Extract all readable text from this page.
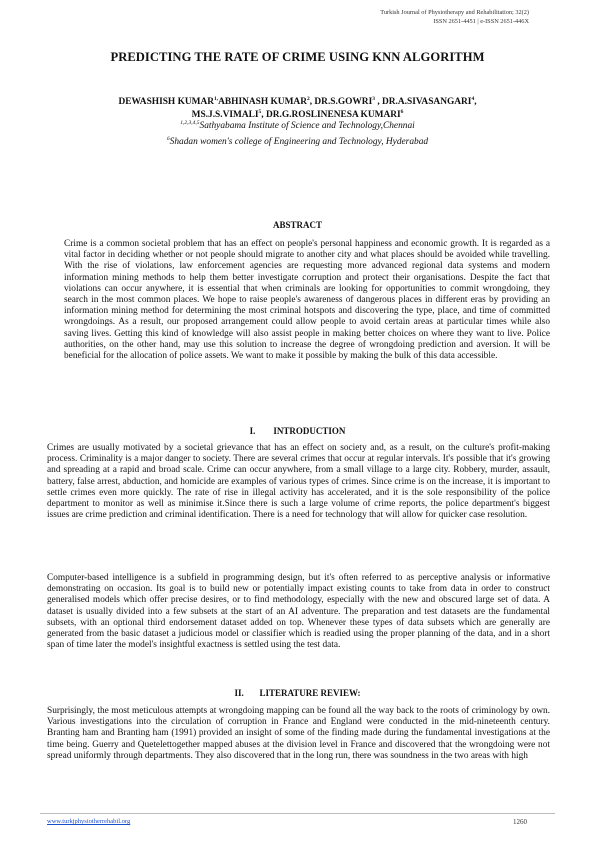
Turkish Journal of Physiotherapy and Rehabilitation; 32(2)
ISSN 2651-4451 | e-ISSN 2651-446X
PREDICTING THE RATE OF CRIME USING KNN ALGORITHM
DEWASHISH $KUMAR^{1,}ABHINASH$ KUMAR$^2$, DR.S.GOWRI$^3$ , DR.A.SIVASANGARI$^4$,
MS.J.S.VIMALI$^5$, DR.G.ROSLINENESA KUMARI$^6$
$^{1,2,3,4,5}$Sathyabama Institute of Science and Technology,Chennai
$^6$Shadan women's college of Engineering and Technology, Hyderabad
ABSTRACT

Crime is a common societal problem that has an effect on people's personal happiness and economic growth. It is regarded as a vital factor in deciding whether or not people should migrate to another city and what places should be avoided while travelling. With the rise of violations, law enforcement agencies are requesting more advanced regional data systems and modern information mining methods to help them better investigate corruption and protect their organisations. Despite the fact that violations can occur anywhere, it is essential that when criminals are looking for opportunities to commit wrongdoing, they search in the most common places. We hope to raise people's awareness of dangerous places in different eras by providing an information mining method for determining the most criminal hotspots and discovering the type, place, and time of committed wrongdoings. As a result, our proposed arrangement could allow people to avoid certain areas at particular times while also saving lives. Getting this kind of knowledge will also assist people in making better choices on where they want to live. Police authorities, on the other hand, may use this solution to increase the degree of wrongdoing prediction and aversion. It will be beneficial for the allocation of police assets. We want to make it possible by making the bulk of this data accessible.

I.        INTRODUCTION

Crimes are usually motivated by a societal grievance that has an effect on society and, as a result, on the culture's profit-making process. Criminality is a major danger to society. There are several crimes that occur at regular intervals. It's possible that it's growing and spreading at a rapid and broad scale. Crime can occur anywhere, from a small village to a large city. Robbery, murder, assault, battery, false arrest, abduction, and homicide are examples of various types of crimes. Since crime is on the increase, it is important to settle crimes even more quickly. The rate of rise in illegal activity has accelerated, and it is the sole responsibility of the police department to monitor as well as minimise it.Since there is such a large volume of crime reports, the police department's biggest issues are crime prediction and criminal identification. There is a need for technology that will allow for quicker case resolution.

Computer-based intelligence is a subfield in programming design, but it's often referred to as perceptive analysis or informative demonstrating on occasion. Its goal is to build new or potentially impact existing counts to take from data in order to construct generalised models which offer precise desires, or to find methodology, especially with the new and obscured large set of data. A dataset is usually divided into a few subsets at the start of an AI adventure. The preparation and test datasets are the fundamental subsets, with an optional third endorsement dataset added on top. Whenever these types of data subsets which are generally are generated from the basic dataset a judicious model or classifier which is readied using the proper planning of the data, and in a short span of time later the model's insightful exactness is settled using the test data.

II.       LITERATURE REVIEW:

Surprisingly, the most meticulous attempts at wrongdoing mapping can be found all the way back to the roots of criminology by own. Various investigations into the circulation of corruption in France and England were conducted in the mid-nineteenth century. Branting ham and Branting ham (1991) provided an insight of some of the finding made during the fundamental investigations at the time being. Guerry and Quetelettogether mapped abuses at the division level in France and discovered that the wrongdoing were not spread uniformly through departments. They also discovered that in the long run, there was soundness in the two areas with high

www.turkjphysiotherrehabil.org	1260
